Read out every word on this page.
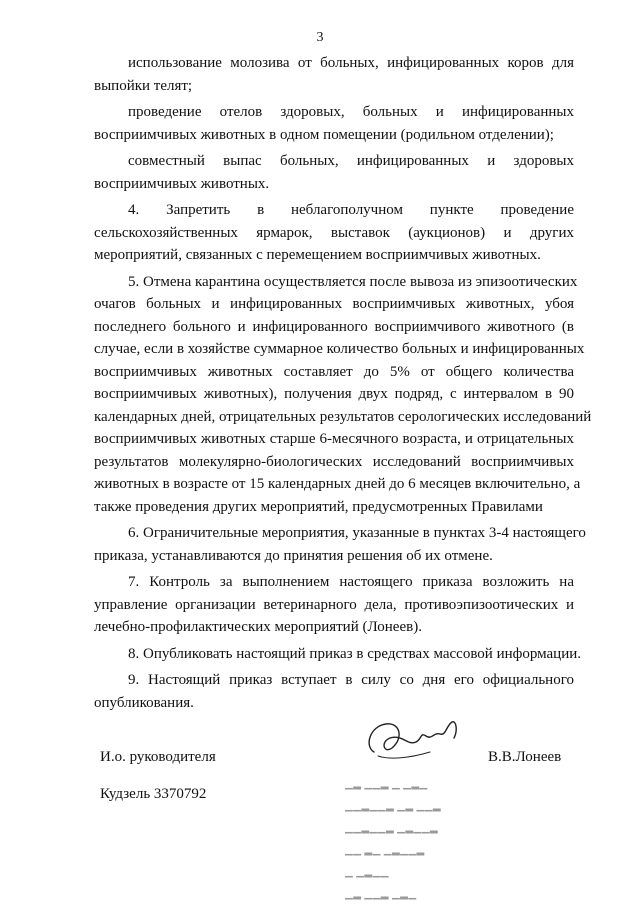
3
использование молозива от больных, инфицированных коров для
выпойки телят;
проведение отелов здоровых, больных и инфицированных
восприимчивых животных в одном помещении (родильном отделении);
совместный выпас больных, инфицированных и здоровых
восприимчивых животных.
4. Запретить в неблагополучном пункте проведение
сельскохозяйственных ярмарок, выставок (аукционов) и других
мероприятий, связанных с перемещением восприимчивых животных.
5. Отмена карантина осуществляется после вывоза из эпизоотических
очагов больных и инфицированных восприимчивых животных, убоя
последнего больного и инфицированного восприимчивого животного (в
случае, если в хозяйстве суммарное количество больных и инфицированных
восприимчивых животных составляет до 5% от общего количества
восприимчивых животных), получения двух подряд, с интервалом в 90
календарных дней, отрицательных результатов серологических исследований
восприимчивых животных старше 6-месячного возраста, и отрицательных
результатов молекулярно-биологических исследований восприимчивых
животных в возрасте от 15 календарных дней до 6 месяцев включительно, а
также проведения других мероприятий, предусмотренных Правилами
6. Ограничительные мероприятия, указанные в пунктах 3-4 настоящего
приказа, устанавливаются до принятия решения об их отмене.
7. Контроль за выполнением настоящего приказа возложить на
управление организации ветеринарного дела, противоэпизоотических и
лечебно-профилактических мероприятий (Лонеев).
8. Опубликовать настоящий приказ в средствах массовой информации.
9. Настоящий приказ вступает в силу со дня его официального
опубликования.
И.о. руководителя
Кудзель 3370792
В.В.Лонеев
▁▂ ▁▁▂ ▁ ▁▂▁
▁▁▂▁▁▂ ▁▂ ▁▁▂
▁▁▂▁▁▂ ▁▂▁▁▂
▁▁ ▂▁ ▁▂▁▁▂
▁ ▁▂▁▁
▁▂ ▁▁▂ ▁▂▁
